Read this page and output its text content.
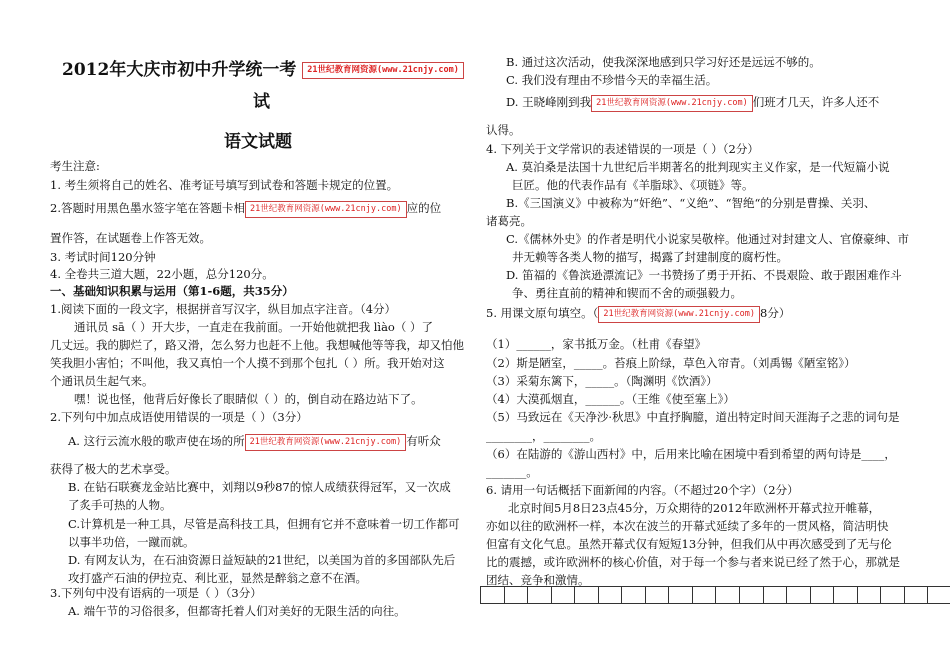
2012年大庆市初中升学统一考 21世纪教育网资源(www.21cnjy.com)
试
语文试题
考生注意:
1. 考生须将自己的姓名、准考证号填写到试卷和答题卡规定的位置。
2.答题时用黑色墨水签字笔在答题卡相 21世纪教育网资源(www.21cnjy.com) 应的位
置作答，在试题卷上作答无效。
3. 考试时间120分钟
4. 全卷共三道大题，22小题，总分120分。
一、基础知识积累与运用（第1-6题，共35分）
1.阅读下面的一段文字，根据拼音写汉字，纵目加点字注音。（4分）
通讯员 sā（ ）开大步，一直走在我前面。一开始他就把我 lìào（ ）了
几丈远。我的脚烂了，路又滑，怎么努力也赶不上他。我想喊他等等我，却又怕他
笑我胆小害怕；不叫他，我又真怕一个人摸不到那个包扎（ ）所。我开始对这
个通讯员生起气来。
嘿！说也怪，他背后好像长了眼睛似（ ）的，倒自动在路边站下了。
2.下列句中加点成语使用错误的一项是（ ）（3分）
A. 这行云流水般的歌声使在场的所 21世纪教育网资源(www.21cnjy.com) 有听众
获得了极大的艺术享受。
B. 在钻石联赛龙金站比赛中，刘翔以9秒87的惊人成绩获得冠军，又一次成
了炙手可热的人物。
C.计算机是一种工具，尽管是高科技工具，但拥有它并不意味着一切工作都可
以事半功倍，一蹴而就。
D. 有网友认为，在石油资源日益短缺的21世纪，以美国为首的多国部队先后
攻打盛产石油的伊拉克、利比亚，显然是醉翁之意不在酒。
3.下列句中没有语病的一项是（ ）（3分）
A. 端午节的习俗很多，但都寄托着人们对美好的无限生活的向往。
B. 通过这次活动，使我深深地感到只学习好还是远远不够的。
C. 我们没有理由不珍惜今天的幸福生活。
D. 王晓峰刚到我 21世纪教育网资源(www.21cnjy.com) 们班才几天，许多人还不
认得。
4. 下列关于文学常识的表述错误的一项是（ ）（2分）
A. 莫泊桑是法国十九世纪后半期著名的批判现实主义作家，是一代短篇小说
巨匠。他的代表作品有《羊脂球》、《项链》等。
B.《三国演义》中被称为“奸绝”、“义绝”、“智绝“的分别是曹操、关羽、
诸葛亮。
C.《儒林外史》的作者是明代小说家吴敬梓。他通过对封建文人、官僚豪绅、市
井无赖等各类人物的描写，揭露了封建制度的腐朽性。
D. 笛福的《鲁滨逊漂流记》一书赞扬了勇于开拓、不畏艰险、敢于跟困难作斗
争、勇往直前的精神和锲而不舍的顽强毅力。
5. 用课文原句填空。（ 21世纪教育网资源(www.21cnjy.com) 8分）
（1）______，家书抵万金。（杜甫《春望》
（2）斯是陋室，_____。苔痕上阶绿，草色入帘青。（刘禹锡《陋室铭》）
（3）采菊东篱下，_____。（陶渊明《饮酒》）
（4）大漠孤烟直，______。（王维《使至塞上》）
（5）马致远在《天净沙·秋思》中直抒胸臆，道出特定时间天涯海子之悲的词句是
________，________。
（6）在陆游的《游山西村》中，后用来比喻在困境中看到希望的两句诗是____，
_______。
6. 请用一句话概括下面新闻的内容。（不超过20个字）（2分）
北京时间5月8日23点45分，万众期待的2012年欧洲杯开幕式拉开帷幕，
亦如以往的欧洲杯一样，本次在波兰的开幕式延续了多年的一贯风格，简洁明快
但富有文化气息。虽然开幕式仅有短短13分钟，但我们从中再次感受到了无与伦
比的震撼，或许欧洲杯的核心价值，对于每一个参与者来说已经了然于心，那就是
团结、竞争和激情。
